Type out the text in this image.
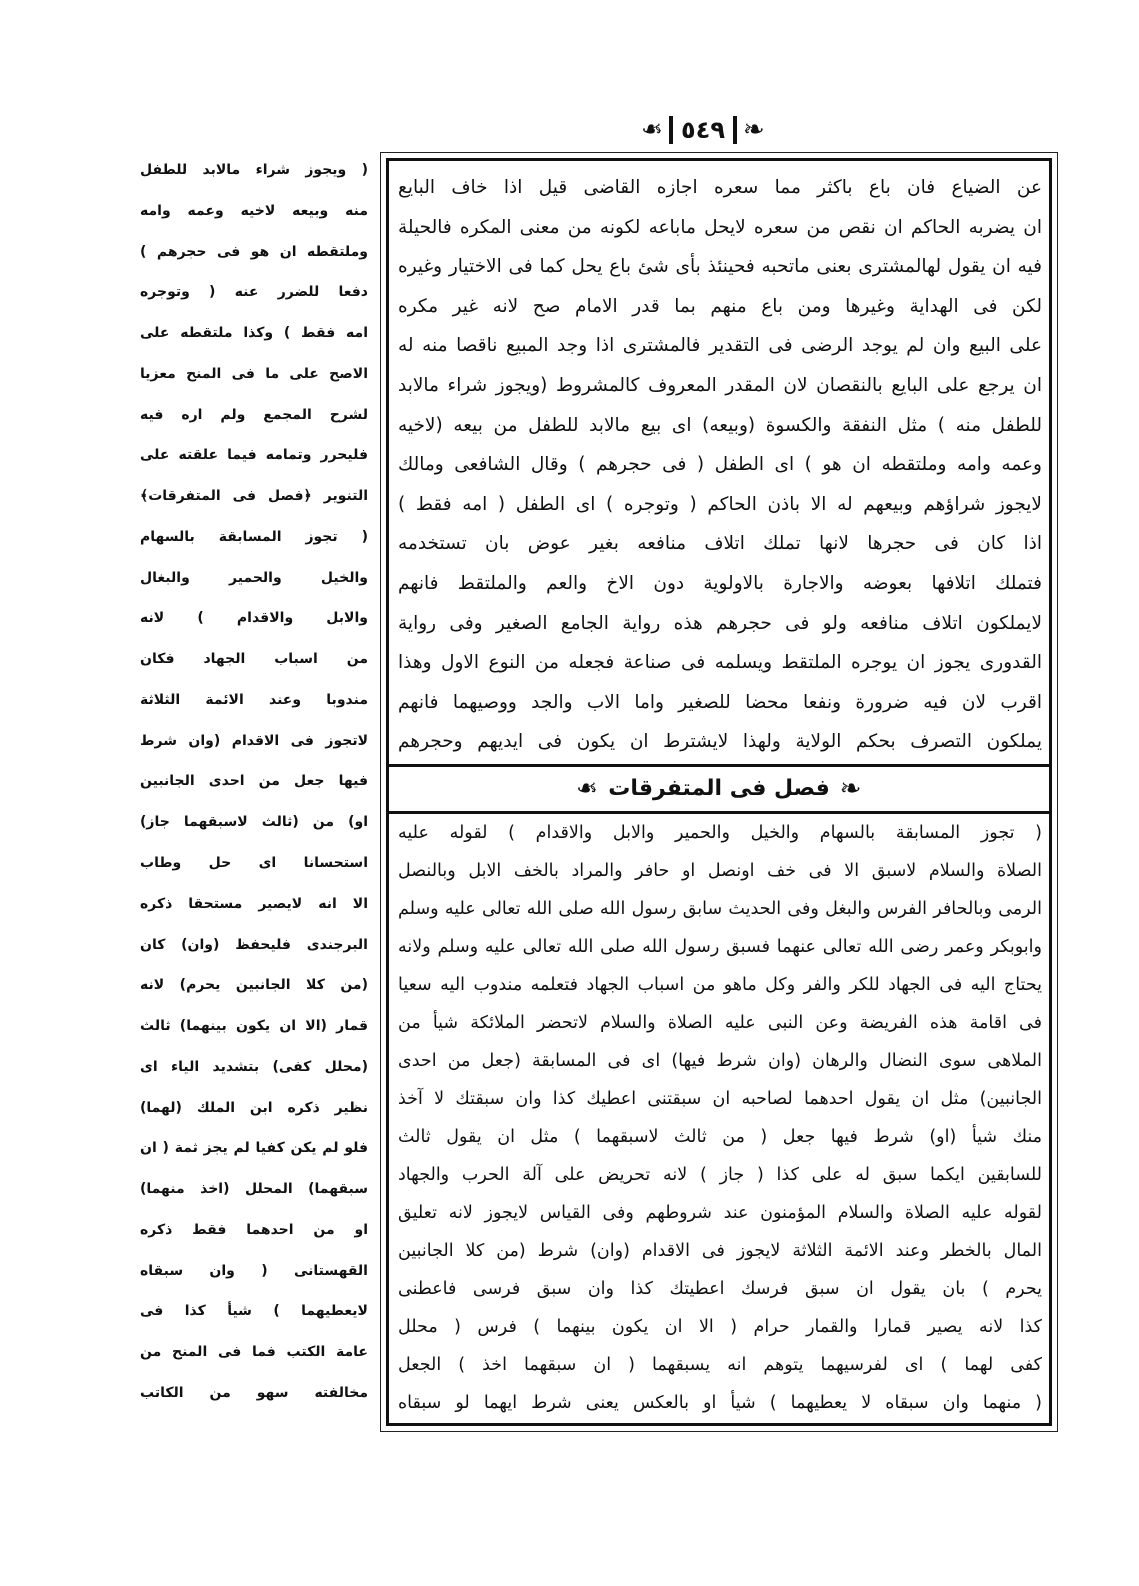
❧ ٥٤٩ ❧
عن الضياع فان باع باكثر مما سعره اجازه القاضى قيل اذا خاف البايع
ان يضربه الحاكم ان نقص من سعره لايحل ماباعه لكونه من معنى المكره فالحيلة
فيه ان يقول لهالمشترى بعنى ماتحبه فحينئذ بأى شئ باع يحل كما فى الاختيار وغيره
لكن فى الهداية وغيرها ومن باع منهم بما قدر الامام صح لانه غير مكره
على البيع وان لم يوجد الرضى فى التقدير فالمشترى اذا وجد المبيع ناقصا منه له
ان يرجع على البايع بالنقصان لان المقدر المعروف كالمشروط (ويجوز شراء مالابد
للطفل منه ) مثل النفقة والكسوة (وبيعه) اى بيع مالابد للطفل من بيعه (لاخيه
وعمه وامه وملتقطه ان هو ) اى الطفل ( فى حجرهم ) وقال الشافعى ومالك
لايجوز شراؤهم وبيعهم له الا باذن الحاكم ( وتوجره ) اى الطفل ( امه فقط )
اذا كان فى حجرها لانها تملك اتلاف منافعه بغير عوض بان تستخدمه
فتملك اتلافها بعوضه والاجارة بالاولوية دون الاخ والعم والملتقط فانهم
لايملكون اتلاف منافعه ولو فى حجرهم هذه رواية الجامع الصغير وفى رواية
القدورى يجوز ان يوجره الملتقط ويسلمه فى صناعة فجعله من النوع الاول وهذا
اقرب لان فيه ضرورة ونفعا محضا للصغير واما الاب والجد ووصيهما فانهم
يملكون التصرف بحكم الولاية ولهذا لايشترط ان يكون فى ايديهم وحجرهم
❧
فصل فى المتفرقات
❧
( تجوز المسابقة بالسهام والخيل والحمير والابل والاقدام ) لقوله عليه
الصلاة والسلام لاسبق الا فى خف اونصل او حافر والمراد بالخف الابل وبالنصل
الرمى وبالحافر الفرس والبغل وفى الحديث سابق رسول الله صلى الله تعالى عليه وسلم
وابوبكر وعمر رضى الله تعالى عنهما فسبق رسول الله صلى الله تعالى عليه وسلم ولانه
يحتاج اليه فى الجهاد للكر والفر وكل ماهو من اسباب الجهاد فتعلمه مندوب اليه سعيا
فى اقامة هذه الفريضة وعن النبى عليه الصلاة والسلام لاتحضر الملائكة شيأ من
الملاهى سوى النضال والرهان (وان شرط فيها) اى فى المسابقة (جعل من احدى
الجانبين) مثل ان يقول احدهما لصاحبه ان سبقتنى اعطيك كذا وان سبقتك لا آخذ
منك شيأ (او) شرط فيها جعل ( من ثالث لاسبقهما ) مثل ان يقول ثالث
للسابقين ايكما سبق له على كذا ( جاز ) لانه تحريض على آلة الحرب والجهاد
لقوله عليه الصلاة والسلام المؤمنون عند شروطهم وفى القياس لايجوز لانه تعليق
المال بالخطر وعند الائمة الثلاثة لايجوز فى الاقدام (وان) شرط (من كلا الجانبين
يحرم ) بان يقول ان سبق فرسك اعطيتك كذا وان سبق فرسى فاعطنى
كذا لانه يصير قمارا والقمار حرام ( الا ان يكون بينهما ) فرس ( محلل
كفى لهما ) اى لفرسيهما يتوهم انه يسبقهما ( ان سبقهما اخذ ) الجعل
( منهما وان سبقاه لا يعطيهما ) شيأ او بالعكس يعنى شرط ايهما لو سبقاه
( ويجوز شراء مالابد للطفل
منه وبيعه لاخيه وعمه وامه
وملتقطه ان هو فى حجرهم )
دفعا للضرر عنه ( وتوجره
امه فقط ) وكذا ملتقطه على
الاصح على ما فى المنح معزيا
لشرح المجمع ولم اره فيه
فليحرر وتمامه فيما علقته على
التنوير ﴿فصل فى المتفرقات﴾
( تجوز المسابقة بالسهام
والخيل والحمير والبغال
والابل والاقدام ) لانه
من اسباب الجهاد فكان
مندوبا وعند الائمة الثلاثة
لاتجوز فى الاقدام (وان شرط
فيها جعل من احدى الجانبين
او) من (ثالث لاسبقهما جاز)
استحسانا اى حل وطاب
الا انه لايصير مستحقا ذكره
البرجندى فليحفظ (وان) كان
(من كلا الجانبين يحرم) لانه
قمار (الا ان يكون بينهما) ثالث
(محلل كفى) بتشديد الياء اى
نظير ذكره ابن الملك (لهما)
فلو لم يكن كفيا لم يجز ثمة ( ان
سبقهما) المحلل (اخذ منهما)
او من احدهما فقط ذكره
القهستانى ( وان سبقاه
لايعطيهما ) شيأ كذا فى
عامة الكتب فما فى المنح من
مخالفته سهو من الكاتب
